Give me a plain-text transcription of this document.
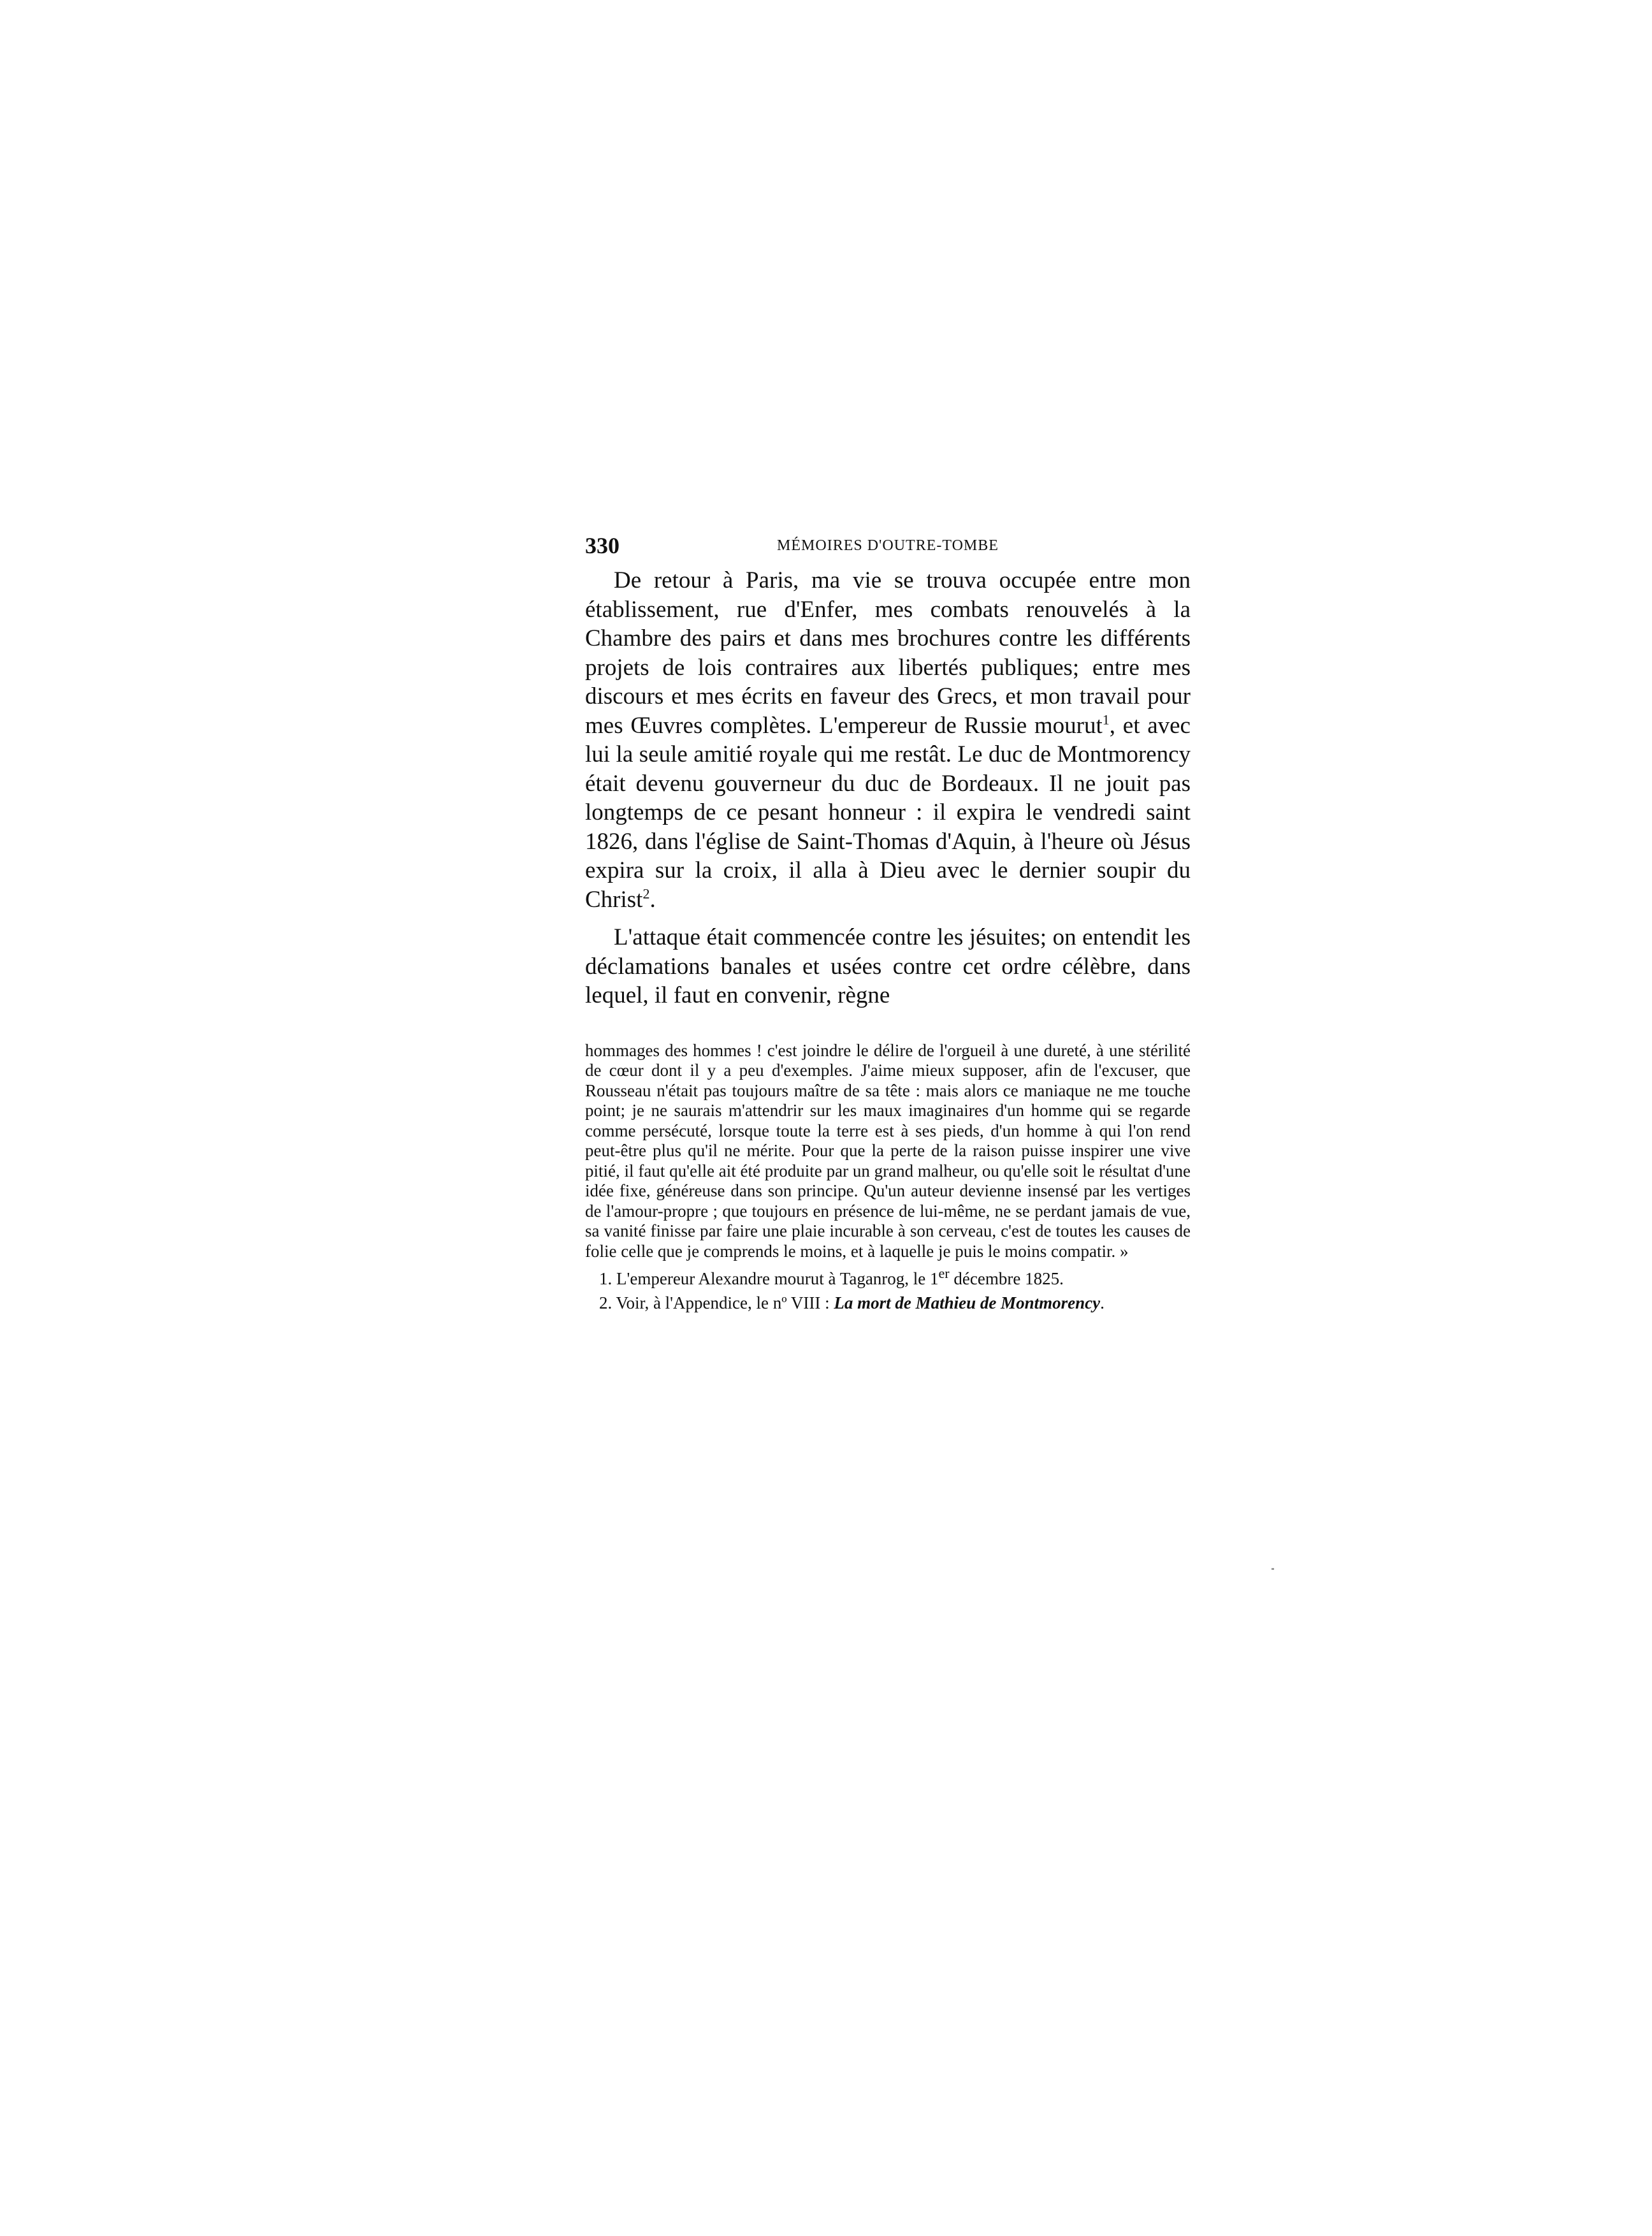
330	MÉMOIRES D'OUTRE-TOMBE

De retour à Paris, ma vie se trouva occupée entre mon établissement, rue d'Enfer, mes combats renouvelés à la Chambre des pairs et dans mes brochures contre les différents projets de lois contraires aux libertés publiques; entre mes discours et mes écrits en faveur des Grecs, et mon travail pour mes Œuvres complètes. L'empereur de Russie mourut$^1$, et avec lui la seule amitié royale qui me restât. Le duc de Montmorency était devenu gouverneur du duc de Bordeaux. Il ne jouit pas longtemps de ce pesant honneur : il expira le vendredi saint 1826, dans l'église de Saint-Thomas d'Aquin, à l'heure où Jésus expira sur la croix, il alla à Dieu avec le dernier soupir du Christ$^2$.

L'attaque était commencée contre les jésuites; on entendit les déclamations banales et usées contre cet ordre célèbre, dans lequel, il faut en convenir, règne

hommages des hommes ! c'est joindre le délire de l'orgueil à une dureté, à une stérilité de cœur dont il y a peu d'exemples. J'aime mieux supposer, afin de l'excuser, que Rousseau n'était pas toujours maître de sa tête : mais alors ce maniaque ne me touche point; je ne saurais m'attendrir sur les maux imaginaires d'un homme qui se regarde comme persécuté, lorsque toute la terre est à ses pieds, d'un homme à qui l'on rend peut-être plus qu'il ne mérite. Pour que la perte de la raison puisse inspirer une vive pitié, il faut qu'elle ait été produite par un grand malheur, ou qu'elle soit le résultat d'une idée fixe, généreuse dans son principe. Qu'un auteur devienne insensé par les vertiges de l'amour-propre ; que toujours en présence de lui-même, ne se perdant jamais de vue, sa vanité finisse par faire une plaie incurable à son cerveau, c'est de toutes les causes de folie celle que je comprends le moins, et à laquelle je puis le moins compatir. »

1. L'empereur Alexandre mourut à Taganrog, le 1er décembre 1825.

2. Voir, à l'Appendice, le nº VIII : La mort de Mathieu de Montmorency.
